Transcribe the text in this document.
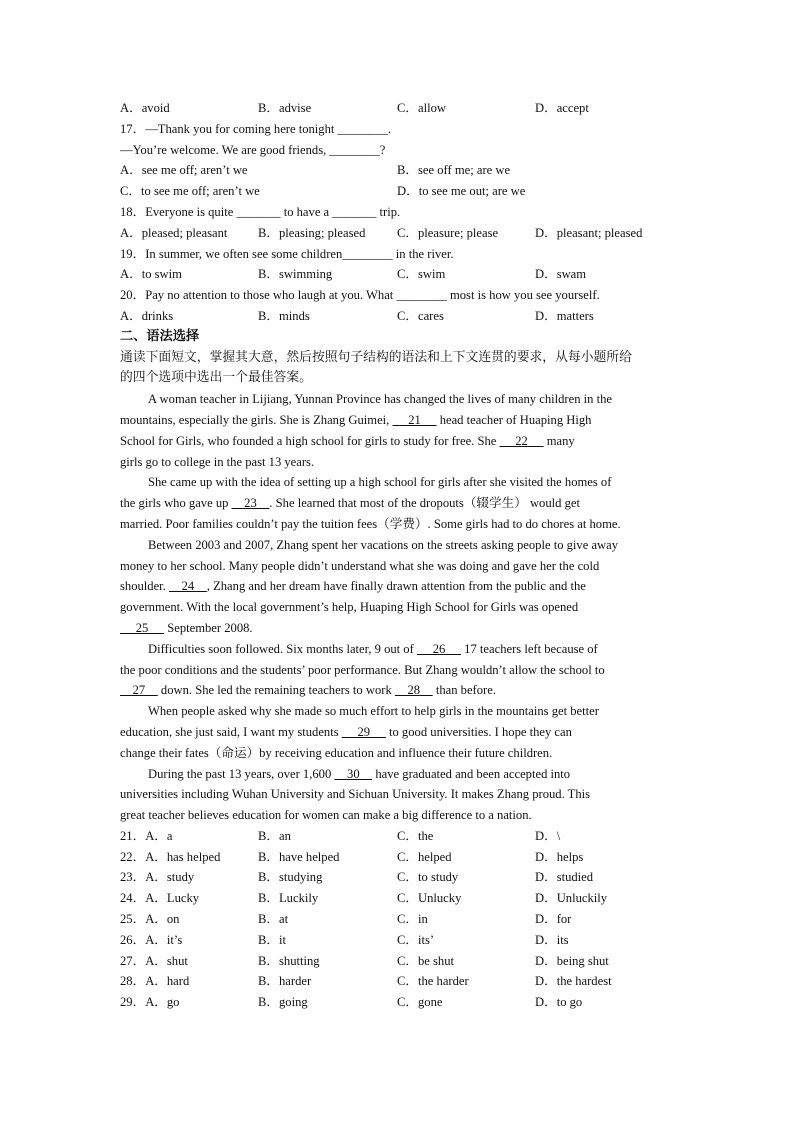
A．avoid	B．advise	C．allow	D．accept
17．—Thank you for coming here tonight ________.
—You’re welcome. We are good friends, ________?
A．see me off; aren’t we	B．see off me; are we
C．to see me off; aren’t we	D．to see me out; are we
18．Everyone is quite _______ to have a _______ trip.
A．pleased; pleasant B．pleasing; pleased	C．pleasure; please	D．pleasant; pleased
19．In summer, we often see some children________ in the river.
A．to swim	B．swimming	C．swim	D．swam
20．Pay no attention to those who laugh at you. What ________ most is how you see yourself.
A．drinks	B．minds	C．cares	D．matters
二、语法选择
通读下面短文，掌握其大意，然后按照句子结构的语法和上下文连贯的要求，从每小题所给
的四个选项中选出一个最佳答案。
A woman teacher in Lijiang, Yunnan Province has changed the lives of many children in the
mountains, especially the girls. She is Zhang Guimei,      21      head teacher of Huaping High
School for Girls, who founded a high school for girls to study for free. She      22      many
girls go to college in the past 13 years.
She came up with the idea of setting up a high school for girls after she visited the homes of
the girls who gave up     23    . She learned that most of the dropouts（辍学生） would get
married. Poor families couldn’t pay the tuition fees（学费）. Some girls had to do chores at home.
Between 2003 and 2007, Zhang spent her vacations on the streets asking people to give away
money to her school. Many people didn’t understand what she was doing and gave her the cold
shoulder.     24    , Zhang and her dream have finally drawn attention from the public and the
government. With the local government’s help, Huaping High School for Girls was opened
25      September 2008.
Difficulties soon followed. Six months later, 9 out of      26      17 teachers left because of
the poor conditions and the students’ poor performance. But Zhang wouldn’t allow the school to
27     down. She led the remaining teachers to work     28     than before.
When people asked why she made so much effort to help girls in the mountains get better
education, she just said, I want my students      29      to good universities. I hope they can
change their fates（命运）by receiving education and influence their future children.
During the past 13 years, over 1,600     30     have graduated and been accepted into
universities including Wuhan University and Sichuan University. It makes Zhang proud. This
great teacher believes education for women can make a big difference to a nation.
21．A．a	B．an	C．the	D．\
22．A．has helped	B．have helped	C．helped	D．helps
23．A．study	B．studying	C．to study	D．studied
24．A．Lucky	B．Luckily	C．Unlucky	D．Unluckily
25．A．on	B．at	C．in	D．for
26．A．it’s	B．it	C．its’	D．its
27．A．shut	B．shutting	C．be shut	D．being shut
28．A．hard	B．harder	C．the harder	D．the hardest
29．A．go	B．going	C．gone	D．to go
